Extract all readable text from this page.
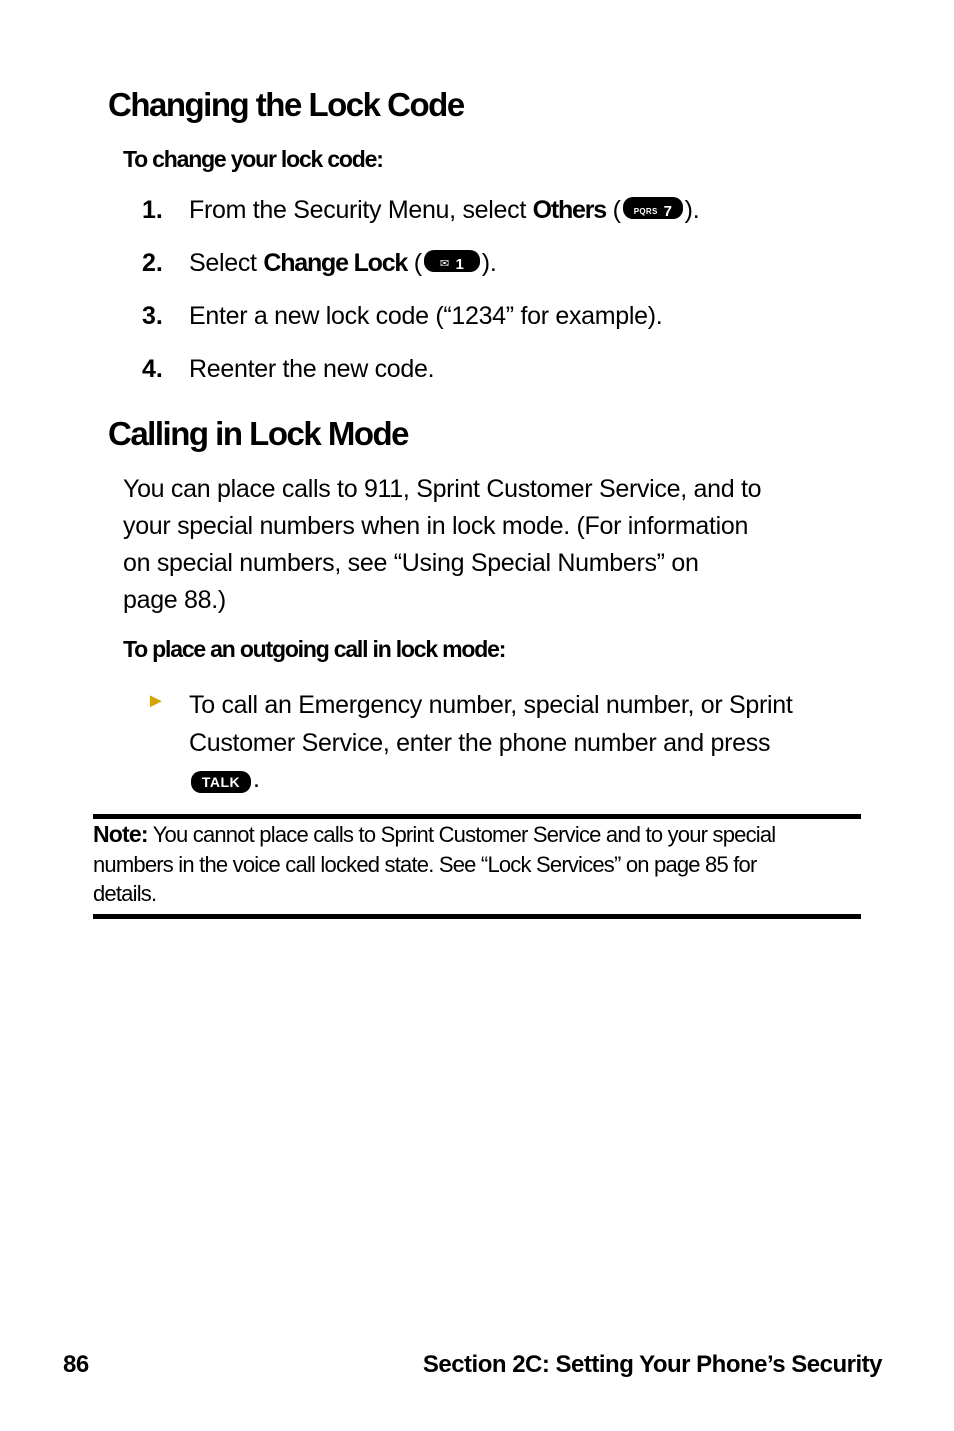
Changing the Lock Code
To change your lock code:
1. From the Security Menu, select Others ( PQRS 7 ).
2. Select Change Lock ( ✉ 1 ).
3. Enter a new lock code (“1234” for example).
4. Reenter the new code.
Calling in Lock Mode
You can place calls to 911, Sprint Customer Service, and to
your special numbers when in lock mode. (For information
on special numbers, see “Using Special Numbers” on
page 88.)
To place an outgoing call in lock mode:
► To call an Emergency number, special number, or Sprint
Customer Service, enter the phone number and press
TALK .
Note: You cannot place calls to Sprint Customer Service and to your special
numbers in the voice call locked state. See “Lock Services” on page 85 for
details.
86	Section 2C: Setting Your Phone’s Security
